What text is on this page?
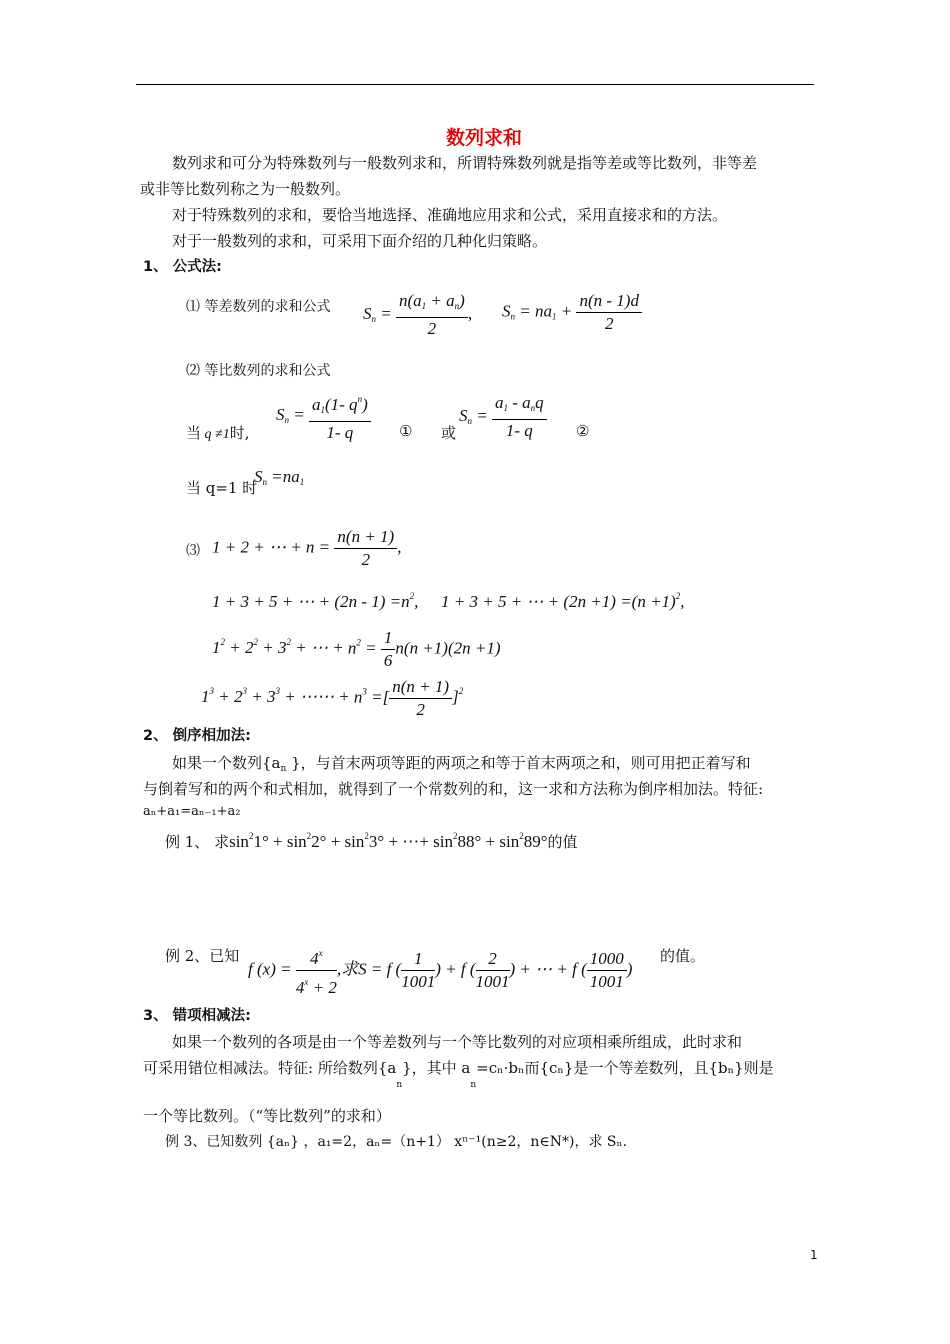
数列求和
数列求和可分为特殊数列与一般数列求和，所谓特殊数列就是指等差或等比数列，非等差
或非等比数列称之为一般数列。
对于特殊数列的求和，要恰当地选择、准确地应用求和公式，采用直接求和的方法。
对于一般数列的求和，可采用下面介绍的几种化归策略。
1、 公式法:
⑴ 等差数列的求和公式 $S_n = \frac{n(a_1 + a_n)}{2}$ , $S_n = na_1 + \frac{n(n - 1)d}{2}$
⑵ 等比数列的求和公式
当 q ≠1时,
$S_n = \frac{a_1(1- q^n)}{1- q}$ ① 或
$S_n = \frac{a_1 - a_nq}{1- q}$ ②
当 q=1 时
$S_n =na_1$
⑶ 1 + 2 + ⋯ + $n = \frac{n(n + 1)}{2}$ ,
1 + 3 + 5 + ⋯ + $(2n - 1) =n^2$, 1 + 3 + 5 + ⋯ + $(2n +1) =(n +1)^2$,
$1^2 + 2^2 + 3^2$ + ⋯ + $n^2 = \frac{1}{6} n(n +1)(2n +1)$
$1^3 + 2^3 + 3^3$ + ⋯⋯ + $n^3$ =[ $\frac{n(n + 1)}{2} ]^2$
2、 倒序相加法:
如果一个数列{$a_n$ }，与首末两项等距的两项之和等于首末两项之和，则可用把正着写和
与倒着写和的两个和式相加，就得到了一个常数列的和，这一求和方法称为倒序相加法。特征:
aₙ+a₁=aₙ₋₁+a₂
例 1、 求$\sin^21^\circ + \sin^22^\circ + \sin^23^\circ$ + ⋯+ $\sin^288^\circ + \sin^289^\circ$的值
例 2、已知
f $(x) = \frac{4^x}{4^x + 2}$ ,求S = f ( $\frac{1}{1001}$ ) + f ( $\frac{2}{1001}$ ) + ⋯ + f ( $\frac{1000}{1001}$ )
的值。
3、 错项相减法:
如果一个数列的各项是由一个等差数列与一个等比数列的对应项相乘所组成，此时求和
可采用错位相减法。特征: 所给数列$\{a_n\}$，其中 $a_n=c_n\cdot b_n$而{cₙ}是一个等差数列，且{bₙ}则是
一个等比数列。（“等比数列”的求和）
例 3、已知数列 {aₙ} ，a₁=2，aₙ=（n+1） xⁿ⁻¹(n≥2，n∈N*)，求 Sₙ.
1
